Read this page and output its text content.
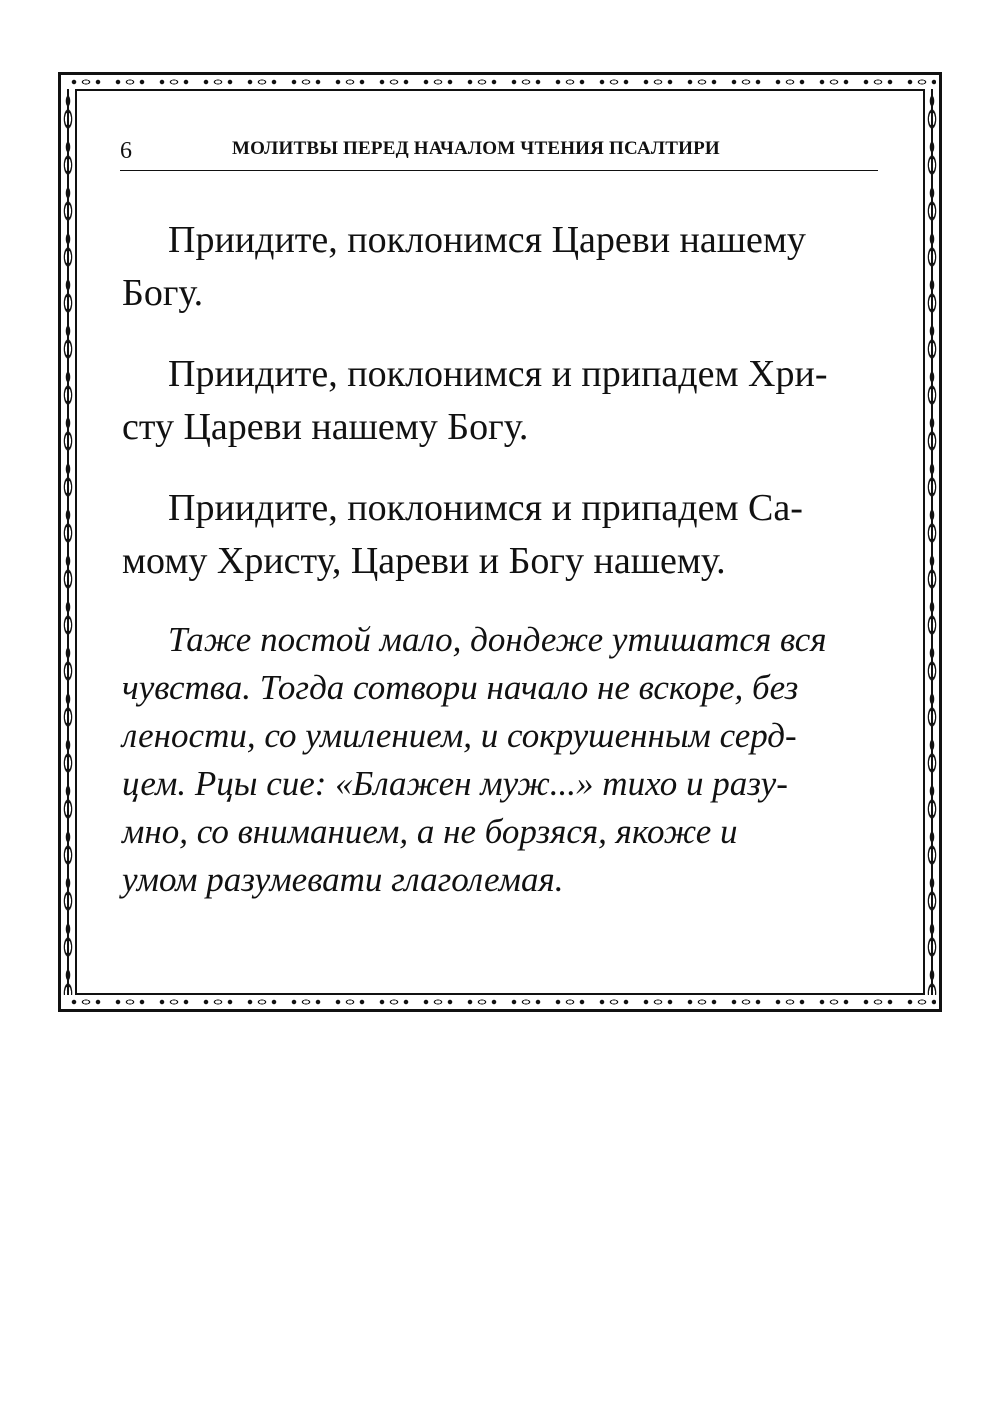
6	МОЛИТВЫ ПЕРЕД НАЧАЛОМ ЧТЕНИЯ ПСАЛТИРИ

Приидите, поклонимся Цареви нашему
Богу.

Приидите, поклонимся и припадем Хри-
сту Цареви нашему Богу.

Приидите, поклонимся и припадем Са-
мому Христу, Цареви и Богу нашему.

Таже постой мало, дондеже утишатся вся
чувства. Тогда сотвори начало не вскоре, без
лености, со умилением, и сокрушенным серд-
цем. Рцы сие: «Блажен муж...» тихо и разу-
мно, со вниманием, а не борзяся, якоже и
умом разумевати глаголемая.
